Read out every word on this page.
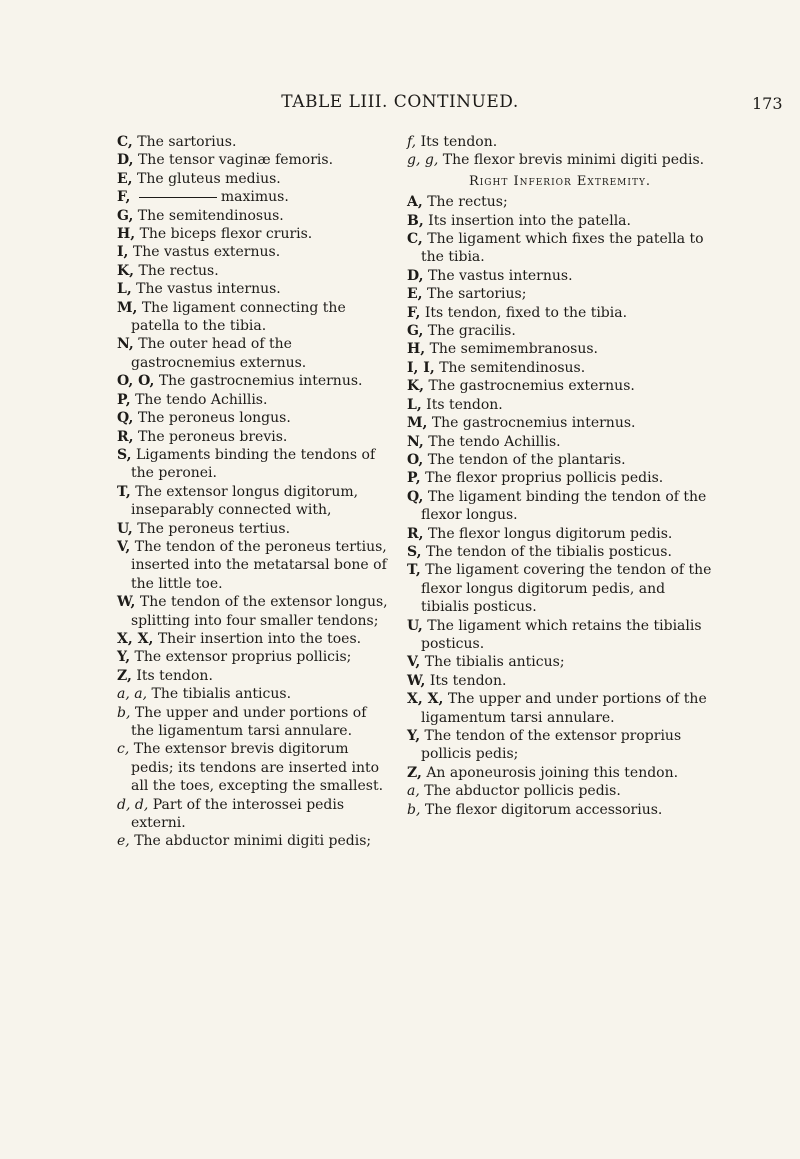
TABLE LIII. CONTINUED.	173

C, The sartorius.

D, The tensor vaginæ femoris.

E, The gluteus medius.

F,	maximus.

G, The semitendinosus.

H, The biceps flexor cruris.

I, The vastus externus.

K, The rectus.

L, The vastus internus.

M, The ligament connecting the patella to the tibia.

N, The outer head of the gastrocnemius externus.

O, O, The gastrocnemius internus.

P, The tendo Achillis.

Q, The peroneus longus.

R, The peroneus brevis.

S, Ligaments binding the tendons of the peronei.

T, The extensor longus digitorum, inseparably connected with,

U, The peroneus tertius.

V, The tendon of the peroneus tertius, inserted into the metatarsal bone of the little toe.

W, The tendon of the extensor longus, splitting into four smaller tendons;

X, X, Their insertion into the toes.

Y, The extensor proprius pollicis;

Z, Its tendon.

a, a, The tibialis anticus.

b, The upper and under portions of the ligamentum tarsi annulare.

c, The extensor brevis digitorum pedis; its tendons are inserted into all the toes, excepting the smallest.

d, d, Part of the interossei pedis externi.

e, The abductor minimi digiti pedis;

f, Its tendon.

g, g, The flexor brevis minimi digiti pedis.

Right Inferior Extremity.

A, The rectus;

B, Its insertion into the patella.

C, The ligament which fixes the patella to the tibia.

D, The vastus internus.

E, The sartorius;

F, Its tendon, fixed to the tibia.

G, The gracilis.

H, The semimembranosus.

I, I, The semitendinosus.

K, The gastrocnemius externus.

L, Its tendon.

M, The gastrocnemius internus.

N, The tendo Achillis.

O, The tendon of the plantaris.

P, The flexor proprius pollicis pedis.

Q, The ligament binding the tendon of the flexor longus.

R, The flexor longus digitorum pedis.

S, The tendon of the tibialis posticus.

T, The ligament covering the tendon of the flexor longus digitorum pedis, and tibialis posticus.

U, The ligament which retains the tibialis posticus.

V, The tibialis anticus;

W, Its tendon.

X, X, The upper and under portions of the ligamentum tarsi annulare.

Y, The tendon of the extensor proprius pollicis pedis;

Z, An aponeurosis joining this tendon.

a, The abductor pollicis pedis.

b, The flexor digitorum accessorius.
